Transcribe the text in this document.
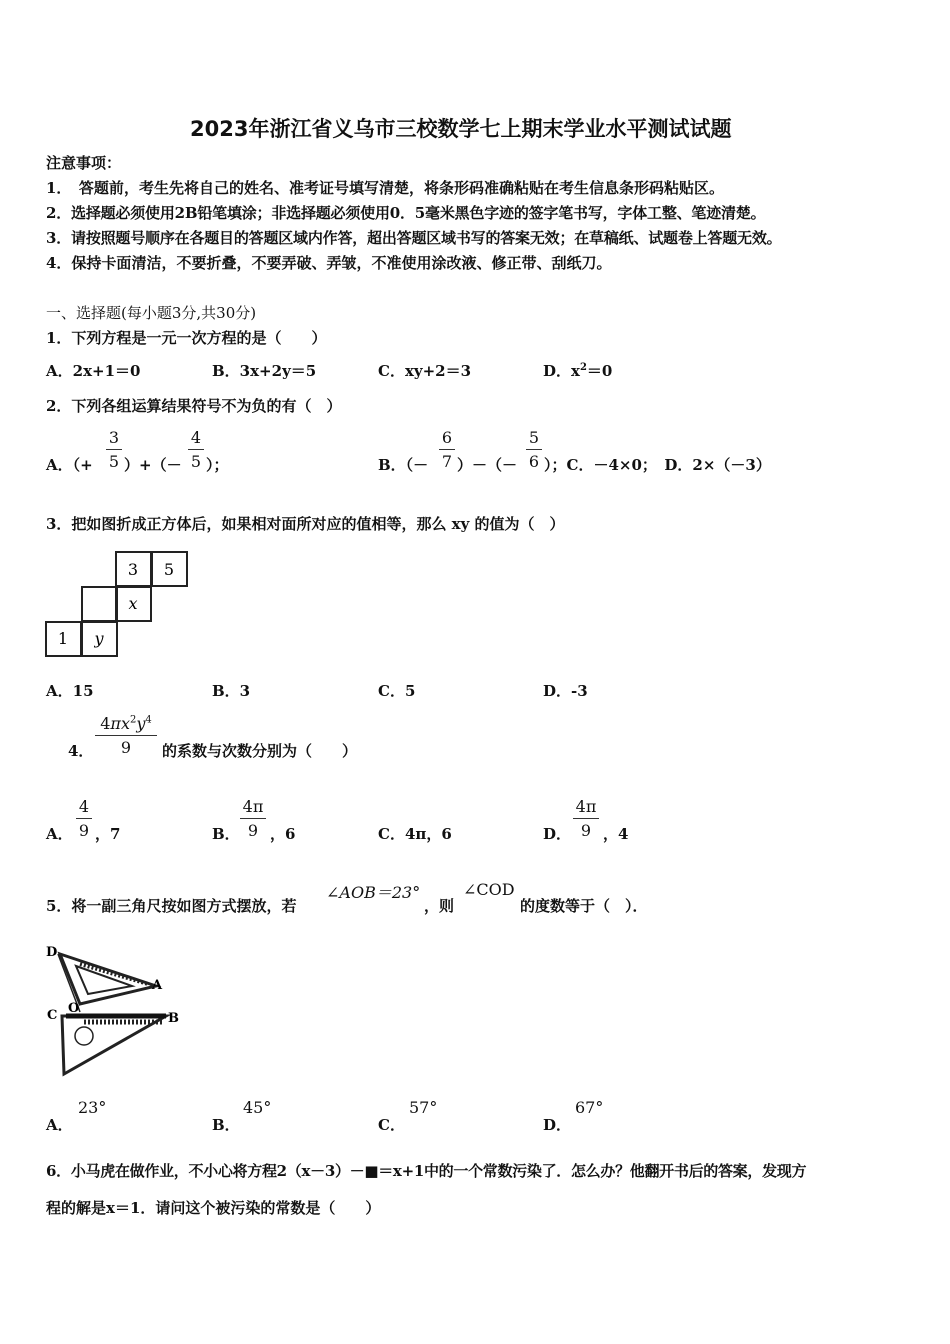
2023年浙江省义乌市三校数学七上期末学业水平测试试题
注意事项：
1．　答题前，考生先将自己的姓名、准考证号填写清楚，将条形码准确粘贴在考生信息条形码粘贴区。
2．选择题必须使用2B铅笔填涂；非选择题必须使用0．5毫米黑色字迹的签字笔书写，字体工整、笔迹清楚。
3．请按照题号顺序在各题目的答题区域内作答，超出答题区域书写的答案无效；在草稿纸、试题卷上答题无效。
4．保持卡面清洁，不要折叠，不要弄破、弄皱，不准使用涂改液、修正带、刮纸刀。
一、选择题(每小题3分,共30分)
1．下列方程是一元一次方程的是（　　）
A．2x+1＝0	B．3x+2y＝5	C．xy+2＝3	D．$x^2=0$
2．下列各组运算结果符号不为负的有（　）
A．（+
3
5 ）+（－
4
5 ）；	B．（－
6
7 ）－（－
5
6 ）；C．－4×0；　D．2×（－3）
3．把如图折成正方体后，如果相对面所对应的值相等，那么 xy 的值为（　）
3 5
x
1 y
A．15	B．3	C．5	D．-3
4．
$4\pi x^2y^4$
9	的系数与次数分别为（　　）
A．
4
9 ，7	B．
4π
9 ，6	C．4π，6	D．
4π
9 ，4
5．将一副三角尺按如图方式摆放，若
∠AOB＝23°
，则
∠COD
的度数等于（　）．
D
A
C O
B
A．
23°
B．
45°
C．
57°
D．
67°
6．小马虎在做作业，不小心将方程2（x－3）－■＝x+1中的一个常数污染了．怎么办？他翻开书后的答案，发现方
程的解是x＝1．请问这个被污染的常数是（　　）
